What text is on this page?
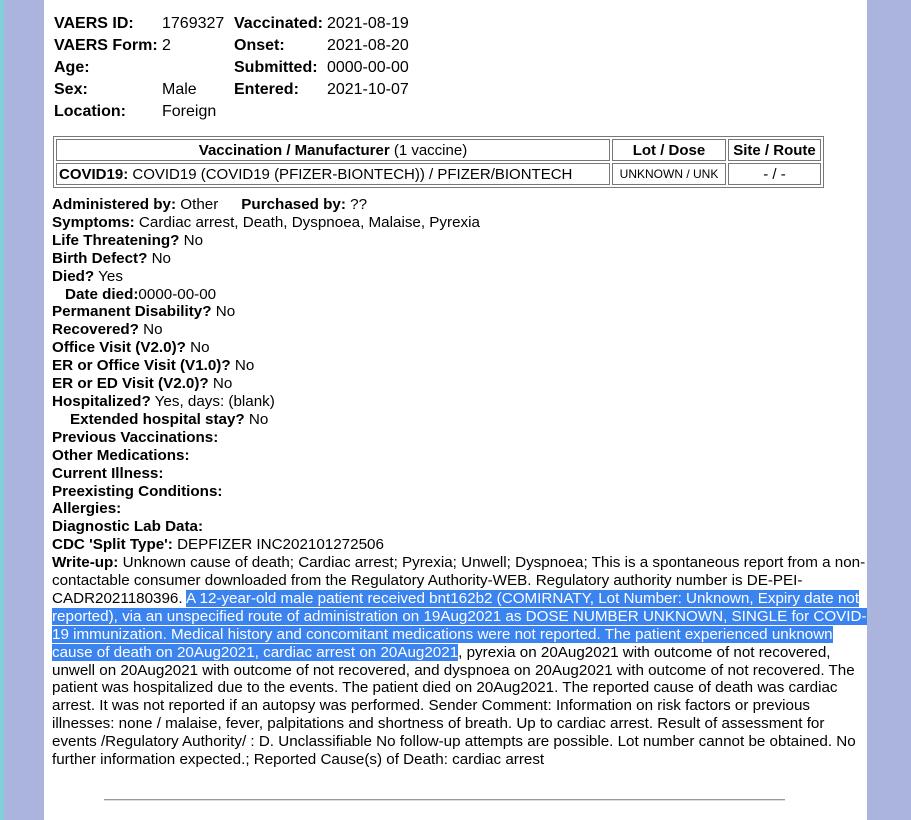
VAERS ID:	1769327	Vaccinated:	2021-08-19
VAERS Form:	2	Onset:	2021-08-20
Age:		Submitted:	0000-00-00
Sex:	Male	Entered:	2021-10-07
Location:	Foreign		
Vaccination / Manufacturer (1 vaccine)	Lot / Dose	Site / Route
COVID19: COVID19 (COVID19 (PFIZER-BIONTECH)) / PFIZER/BIONTECH	UNKNOWN / UNK	- / -
Administered by: Other Purchased by: ??
Symptoms: Cardiac arrest, Death, Dyspnoea, Malaise, Pyrexia
Life Threatening? No
Birth Defect? No
Died? Yes
Date died:0000-00-00
Permanent Disability? No
Recovered? No
Office Visit (V2.0)? No
ER or Office Visit (V1.0)? No
ER or ED Visit (V2.0)? No
Hospitalized? Yes, days: (blank)
Extended hospital stay? No
Previous Vaccinations:
Other Medications:
Current Illness:
Preexisting Conditions:
Allergies:
Diagnostic Lab Data:
CDC 'Split Type': DEPFIZER INC202101272506
Write-up: Unknown cause of death; Cardiac arrest; Pyrexia; Unwell; Dyspnoea; This is a spontaneous report from a non-contactable consumer downloaded from the Regulatory Authority-WEB. Regulatory authority number is DE-PEI-CADR2021180396. A 12-year-old male patient received bnt162b2 (COMIRNATY, Lot Number: Unknown, Expiry date not reported), via an unspecified route of administration on 19Aug2021 as DOSE NUMBER UNKNOWN, SINGLE for COVID-19 immunization. Medical history and concomitant medications were not reported. The patient experienced unknown cause of death on 20Aug2021, cardiac arrest on 20Aug2021, pyrexia on 20Aug2021 with outcome of not recovered, unwell on 20Aug2021 with outcome of not recovered, and dyspnoea on 20Aug2021 with outcome of not recovered. The patient was hospitalized due to the events. The patient died on 20Aug2021. The reported cause of death was cardiac arrest. It was not reported if an autopsy was performed. Sender Comment: Information on risk factors or previous illnesses: none / malaise, fever, palpitations and shortness of breath. Up to cardiac arrest. Result of assessment for events /Regulatory Authority/ : D. Unclassifiable No follow-up attempts are possible. Lot number cannot be obtained. No further information expected.; Reported Cause(s) of Death: cardiac arrest
